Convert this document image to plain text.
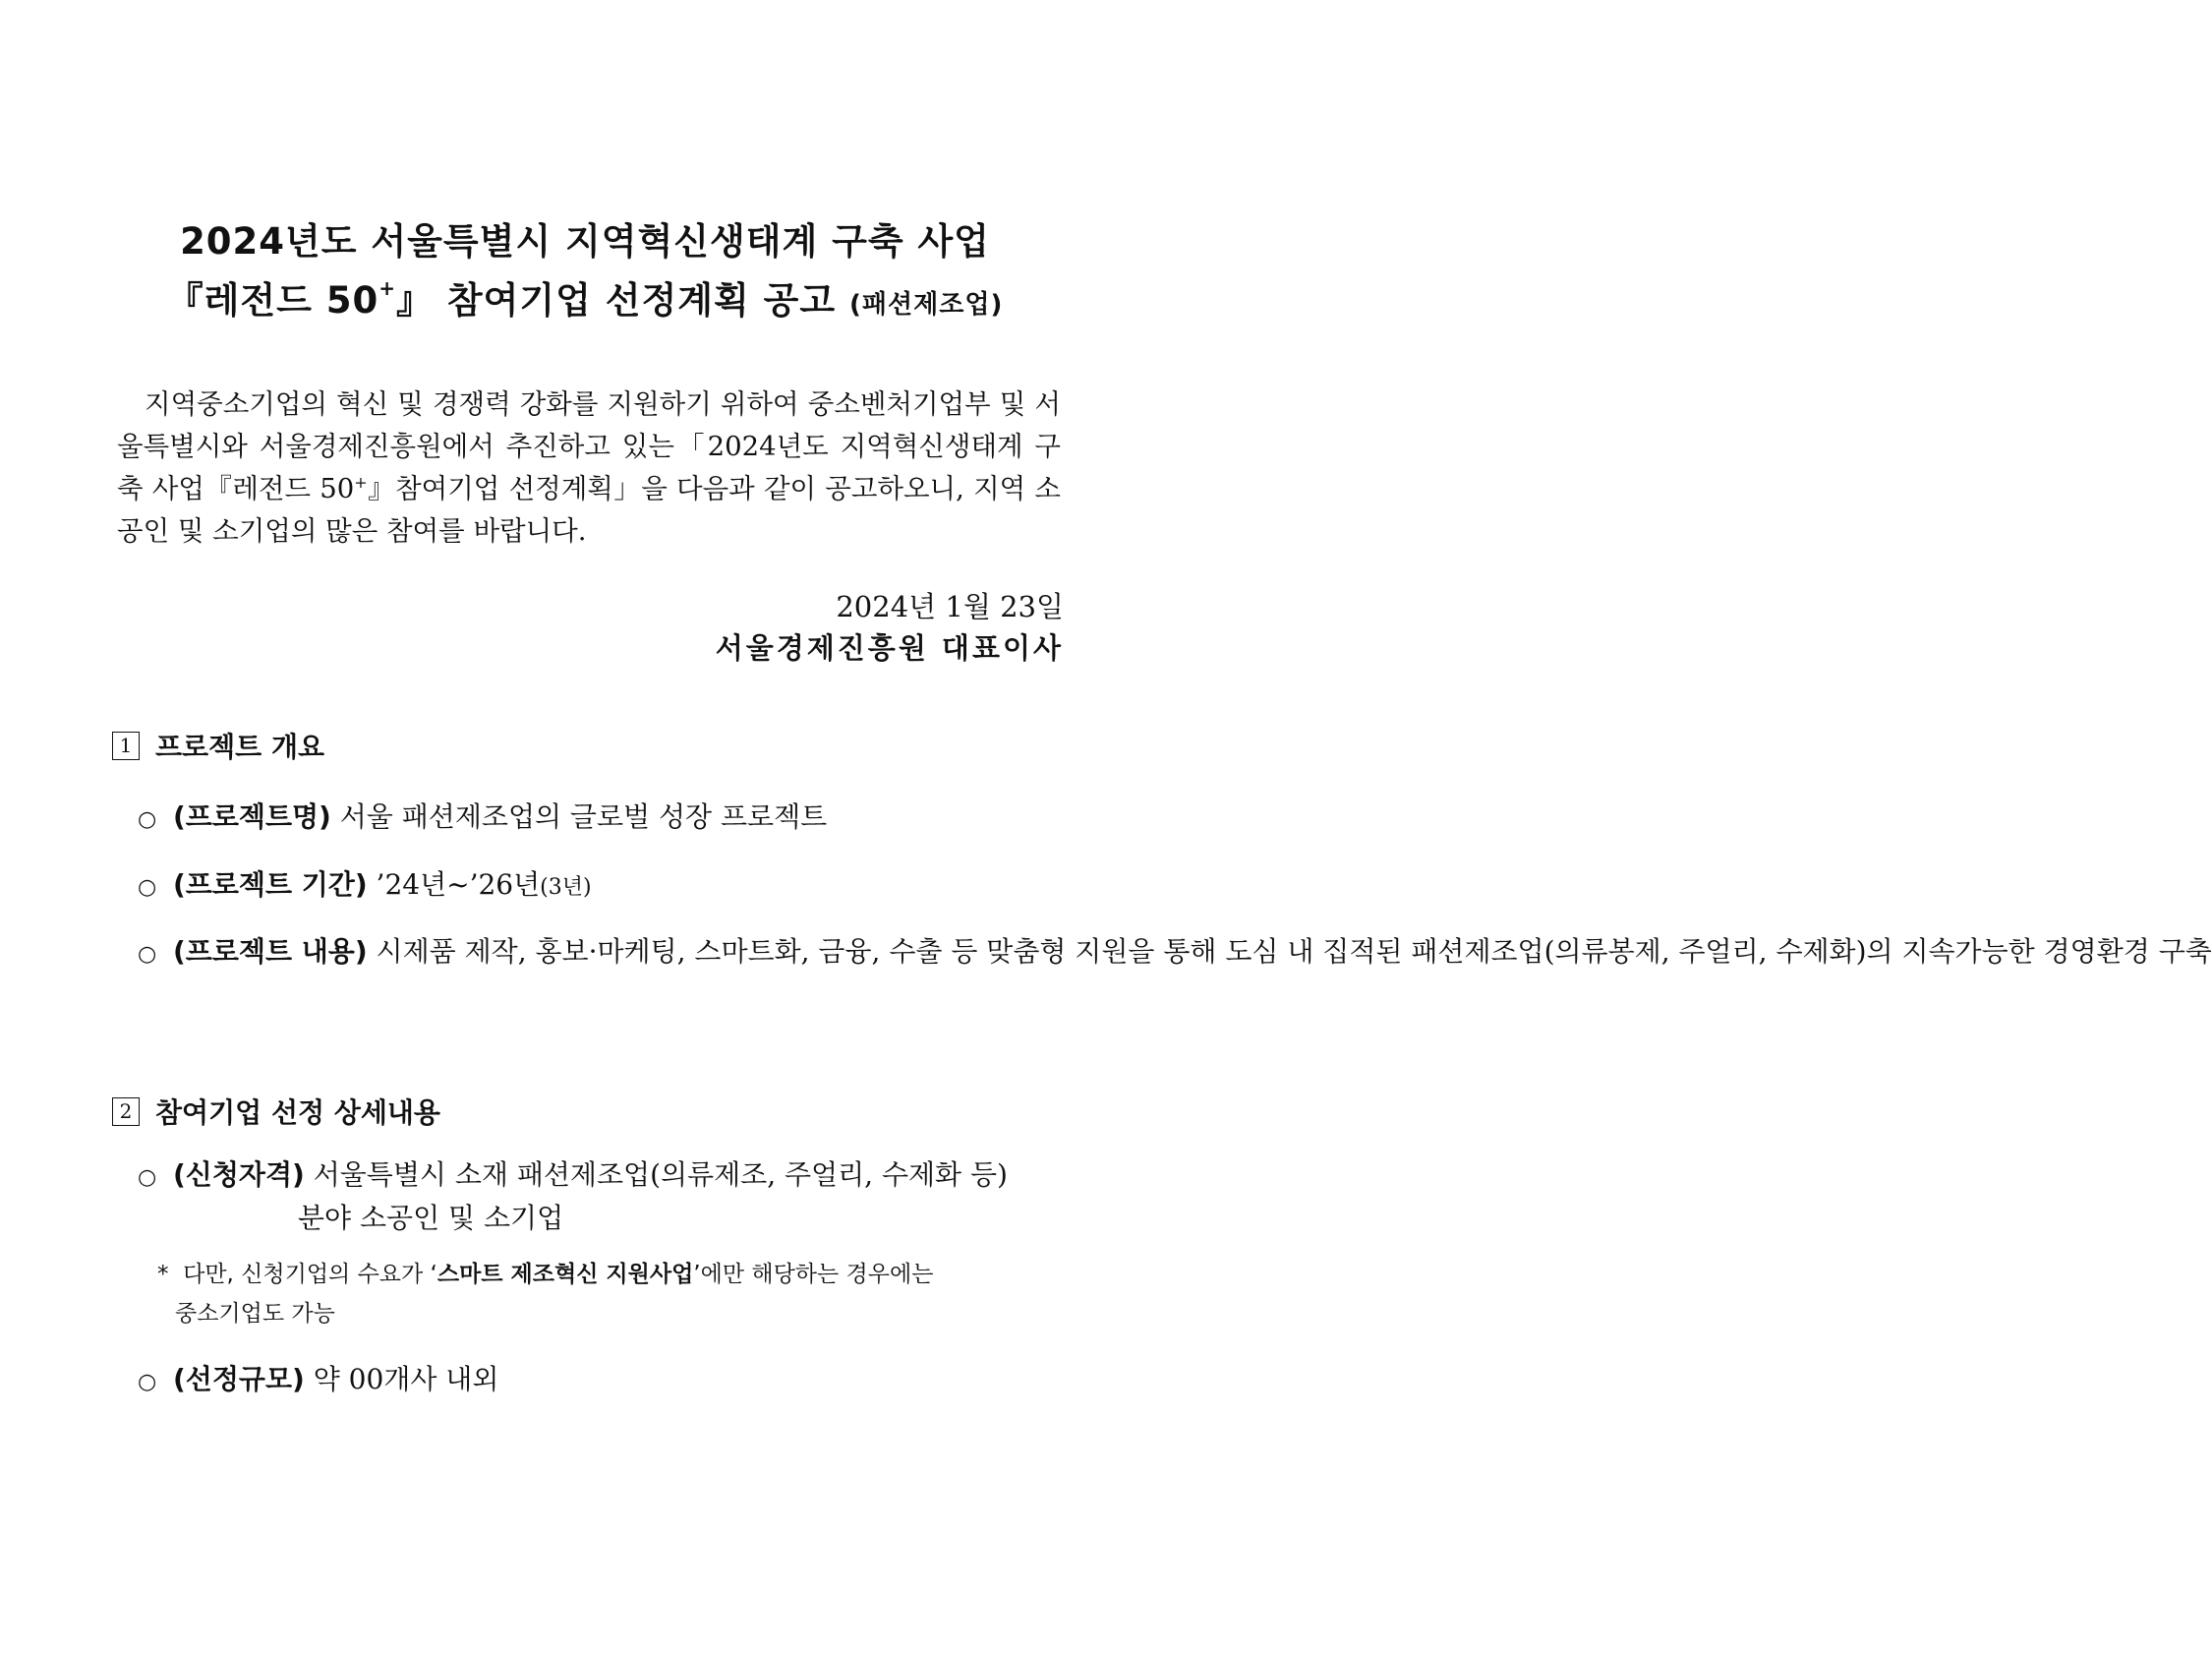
2024년도 서울특별시 지역혁신생태계 구축 사업
『레전드 50+』 참여기업 선정계획 공고 (패션제조업)
지역중소기업의 혁신 및 경쟁력 강화를 지원하기 위하여 중소벤처기업부 및 서울특별시와 서울경제진흥원에서 추진하고 있는「2024년도 지역혁신생태계 구축 사업『레전드 50+』참여기업 선정계획」을 다음과 같이 공고하오니, 지역 소공인 및 소기업의 많은 참여를 바랍니다.
2024년 1월 23일
서울경제진흥원 대표이사
1 프로젝트 개요
○ (프로젝트명) 서울 패션제조업의 글로벌 성장 프로젝트
○ (프로젝트 기간) ’24년~’26년(3년)
○ (프로젝트 내용) 시제품 제작, 홍보·마케팅, 스마트화, 금융, 수출 등 맞춤형 지원을 통해 도심 내 집적된 패션제조업(의류봉제, 주얼리, 수제화)의 지속가능한 경영환경 구축
2 참여기업 선정 상세내용
○ (신청자격) 서울특별시 소재 패션제조업(의류제조, 주얼리, 수제화 등)
분야 소공인 및 소기업
* 다만, 신청기업의 수요가 ‘스마트 제조혁신 지원사업’에만 해당하는 경우에는
중소기업도 가능
○ (선정규모) 약 00개사 내외
